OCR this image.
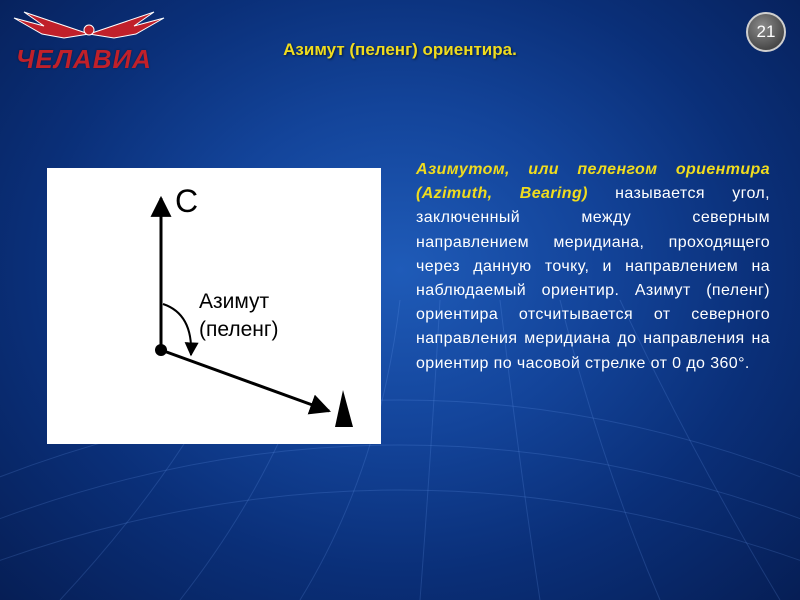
ЧЕЛАВИА
21
Азимут (пеленг) ориентира.
С
Азимут
(пеленг)
Азимутом, или пеленгом ориентира (Azimuth, Bearing) называется угол, заключенный между северным направлением меридиана, проходящего через данную точку, и направлением на наблюдаемый ориентир. Азимут (пеленг) ориентира отсчитывается от северного направления меридиана до направления на ориентир по часовой стрелке от 0 до 360°.
